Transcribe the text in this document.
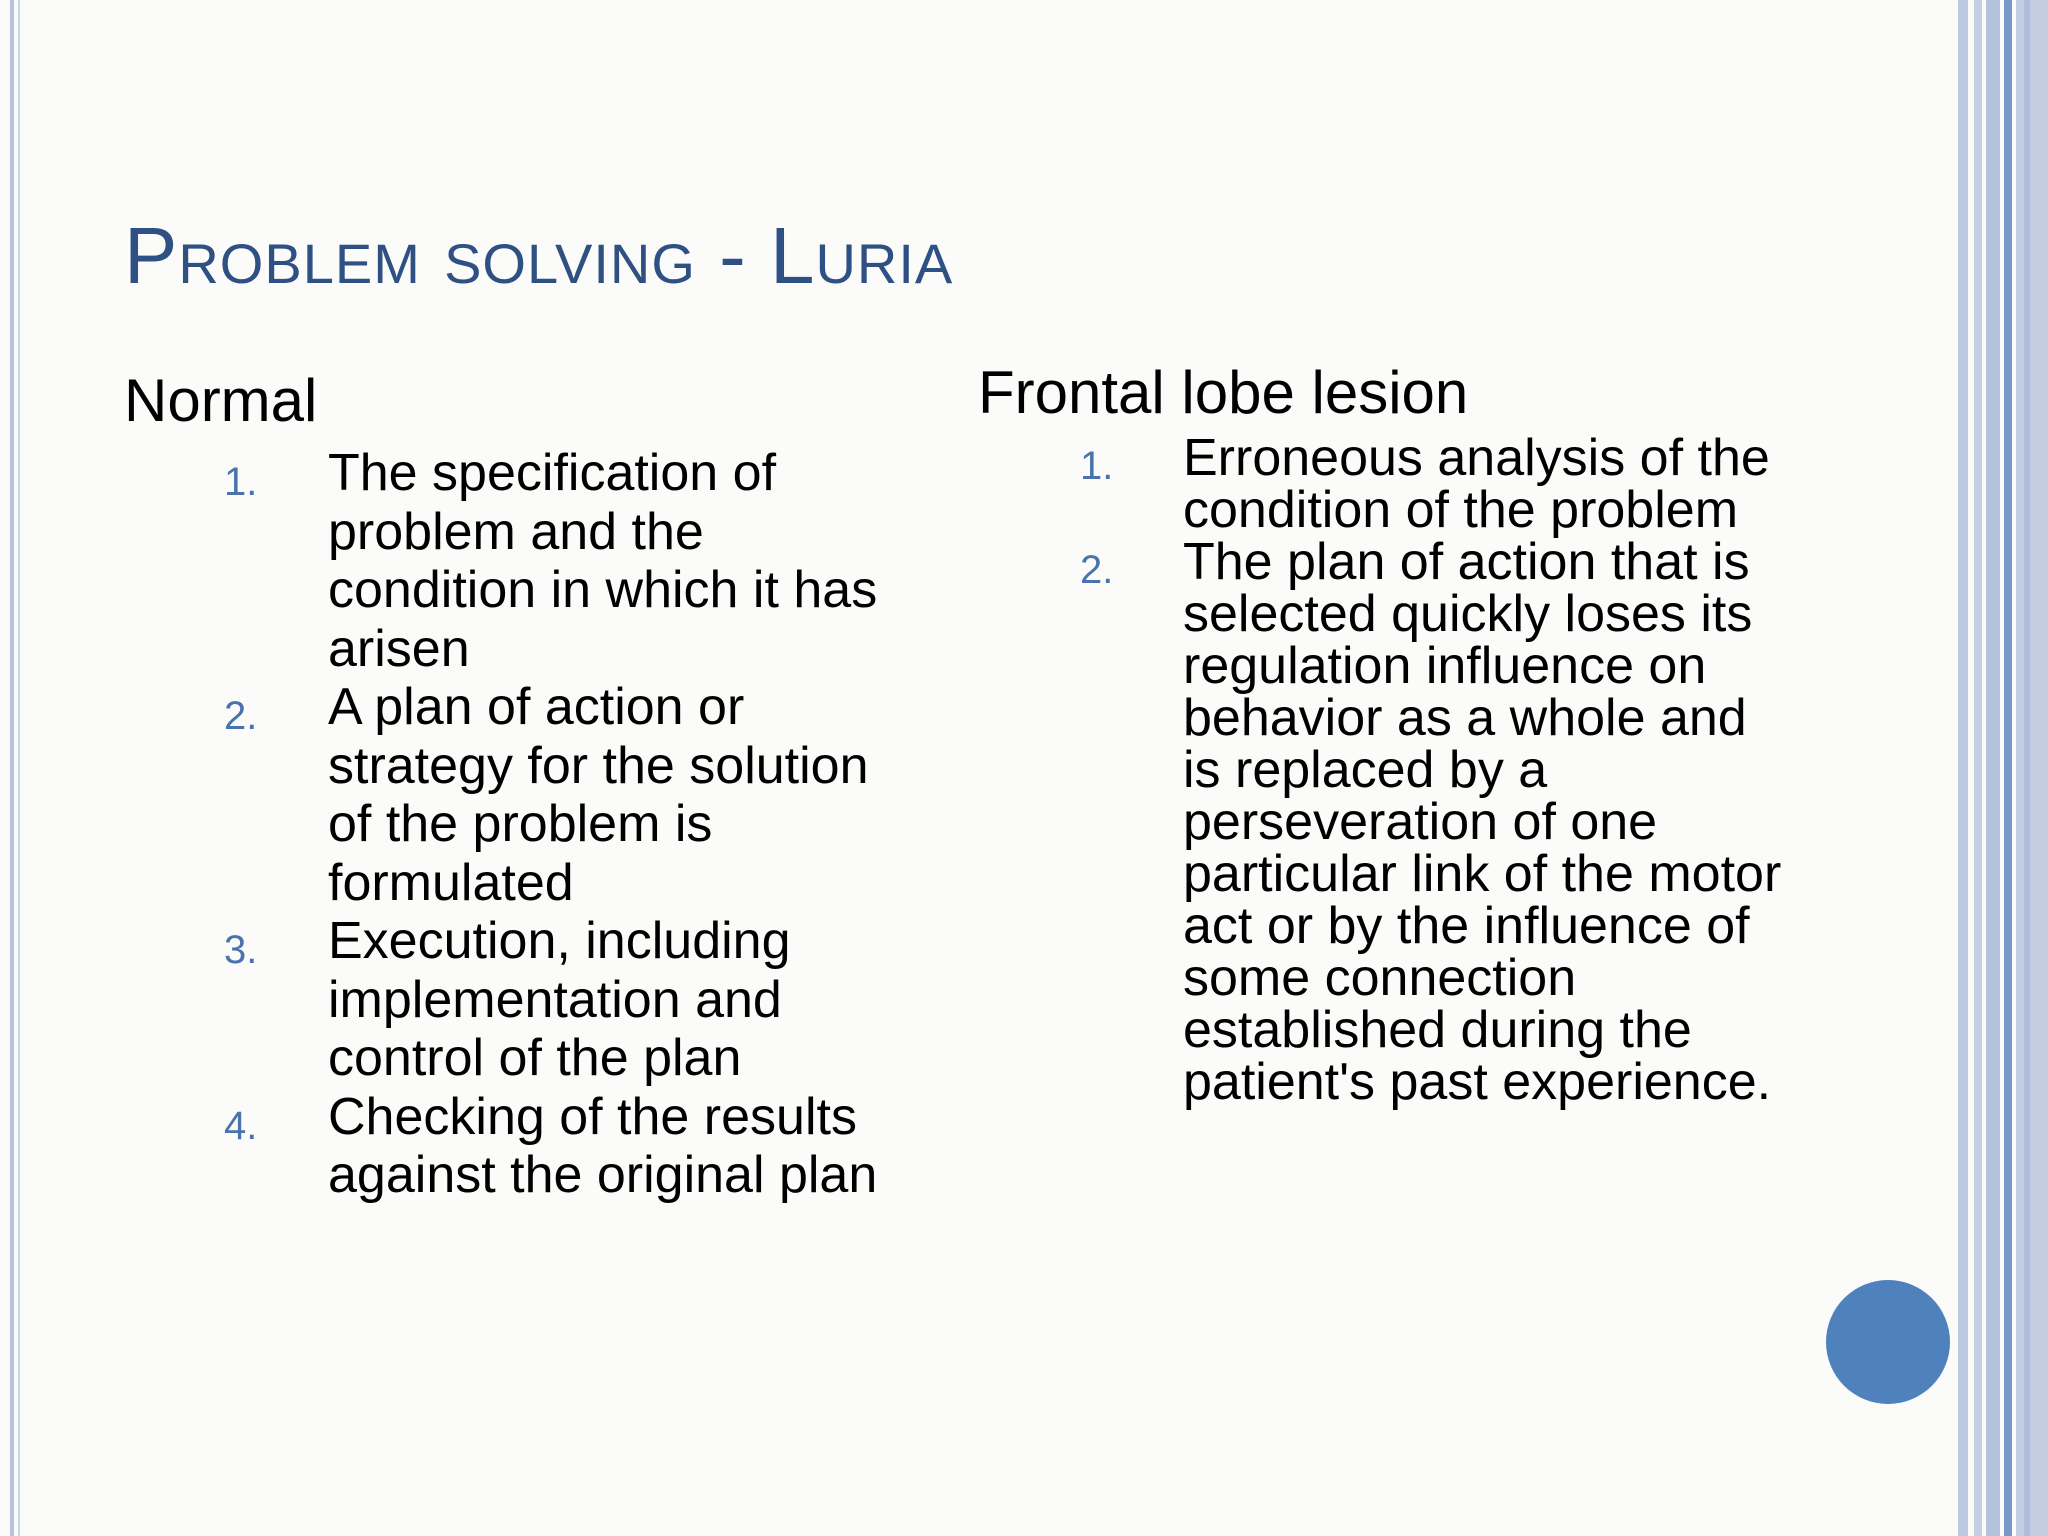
Problem solving - Luria
Normal
1. The specification of problem and the condition in which it has arisen
2. A plan of action or strategy for the solution of the problem is formulated
3. Execution, including implementation and control of the plan
4. Checking of the results against the original plan
Frontal lobe lesion
1. Erroneous analysis of the condition of the problem
2. The plan of action that is selected quickly loses its regulation influence on behavior as a whole and is replaced by a perseveration of one particular link of the motor act or by the influence of some connection established during the patient's past experience.
